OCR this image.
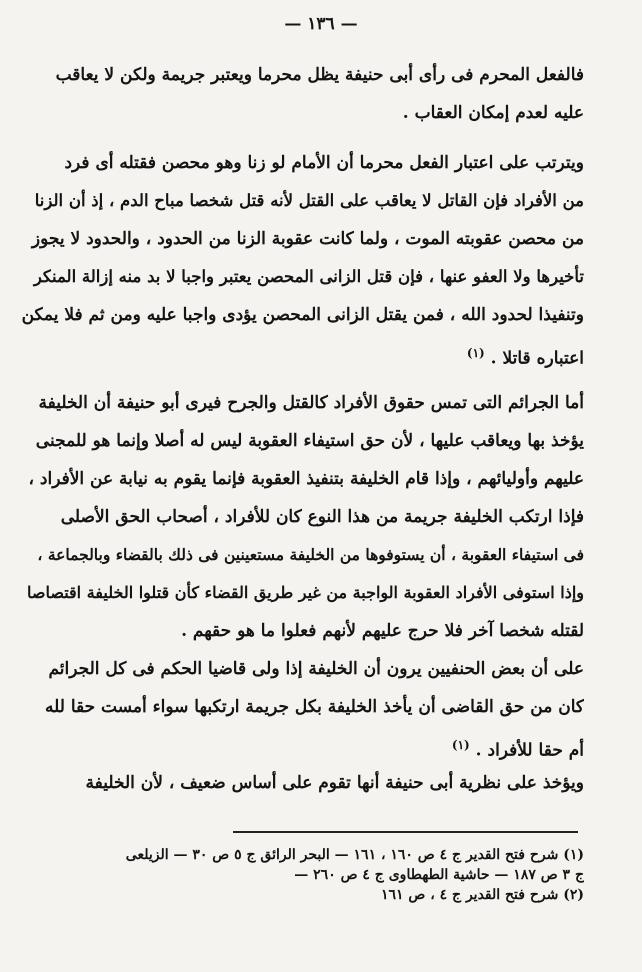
— ١٣٦ —
فالفعل المحرم فى رأى أبى حنيفة يظل محرما ويعتبر جريمة ولكن لا يعاقب
عليه لعدم إمكان العقاب .
ويترتب على اعتبار الفعل محرما أن الأمام لو زنا وهو محصن فقتله أى فرد
من الأفراد فإن القاتل لا يعاقب على القتل لأنه قتل شخصا مباح الدم ، إذ أن الزنا
من محصن عقوبته الموت ، ولما كانت عقوبة الزنا من الحدود ، والحدود لا يجوز
تأخيرها ولا العفو عنها ، فإن قتل الزانى المحصن يعتبر واجبا لا بد منه إزالة المنكر
وتنفيذا لحدود الله ، فمن يقتل الزانى المحصن يؤدى واجبا عليه ومن ثم فلا يمكن
اعتباره قاتلا . $^{(١)}$
أما الجرائم التى تمس حقوق الأفراد كالقتل والجرح فيرى أبو حنيفة أن الخليفة
يؤخذ بها ويعاقب عليها ، لأن حق استيفاء العقوبة ليس له أصلا وإنما هو للمجنى
عليهم وأوليائهم ، وإذا قام الخليفة بتنفيذ العقوبة فإنما يقوم به نيابة عن الأفراد ،
فإذا ارتكب الخليفة جريمة من هذا النوع كان للأفراد ، أصحاب الحق الأصلى
فى استيفاء العقوبة ، أن يستوفوها من الخليفة مستعينين فى ذلك بالقضاء وبالجماعة ،
وإذا استوفى الأفراد العقوبة الواجبة من غير طريق القضاء كأن قتلوا الخليفة اقتصاصا
لقتله شخصا آخر فلا حرج عليهم لأنهم فعلوا ما هو حقهم .
على أن بعض الحنفيين يرون أن الخليفة إذا ولى قاضيا الحكم فى كل الجرائم
كان من حق القاضى أن يأخذ الخليفة بكل جريمة ارتكبها سواء أمست حقا لله
أم حقا للأفراد . $^{(١)}$
ويؤخذ على نظرية أبى حنيفة أنها تقوم على أساس ضعيف ، لأن الخليفة
(١) شرح فتح القدير ج ٤ ص ١٦٠ ، ١٦١ — البحر الرائق ج ٥ ص ٣٠ — الزيلعى
ج ٣ ص ١٨٧ — حاشية الطهطاوى ج ٤ ص ٢٦٠ —
(٢) شرح فتح القدير ج ٤ ، ص ١٦١
